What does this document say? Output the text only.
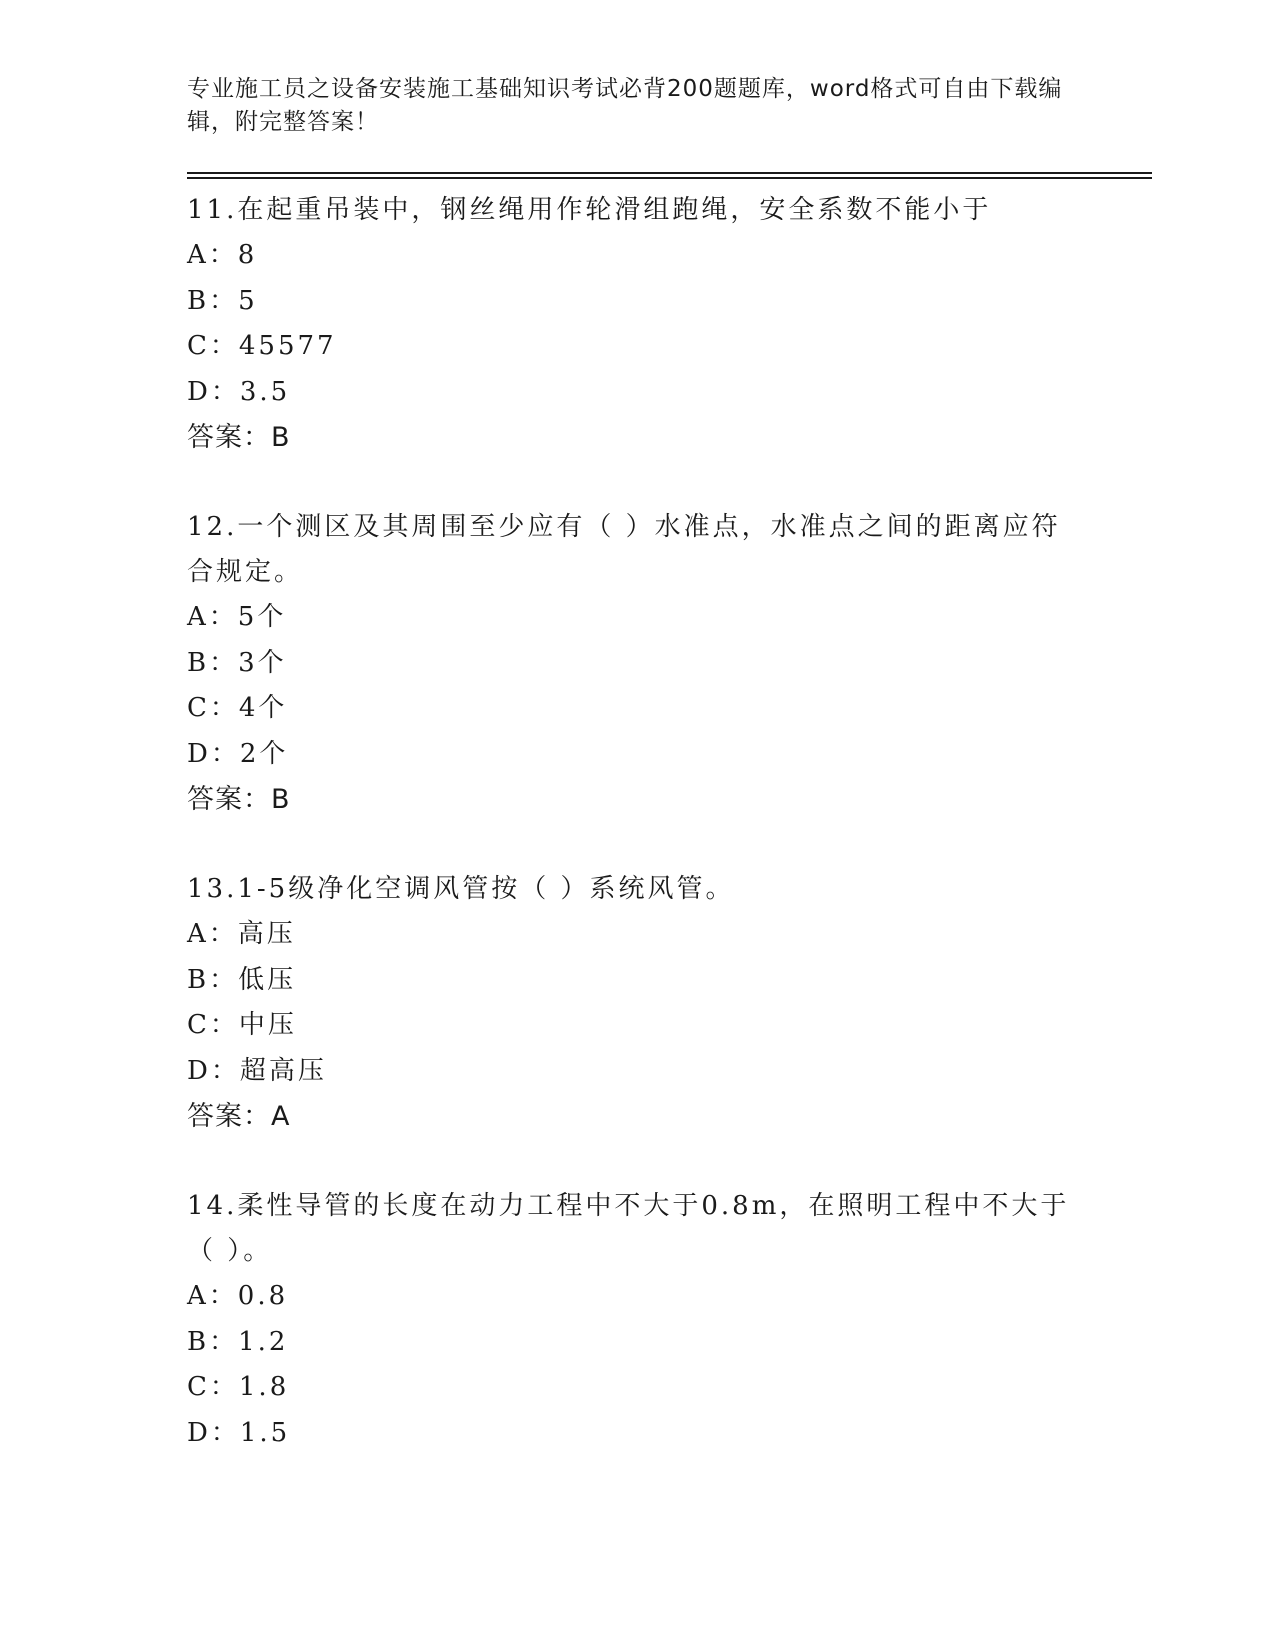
专业施工员之设备安装施工基础知识考试必背200题题库，word格式可自由下载编辑，附完整答案！
11.在起重吊装中，钢丝绳用作轮滑组跑绳，安全系数不能小于
A：8
B：5
C：45577
D：3.5
答案：B
12.一个测区及其周围至少应有（ ）水准点，水准点之间的距离应符合规定。
A：5个
B：3个
C：4个
D：2个
答案：B
13.1-5级净化空调风管按（ ）系统风管。
A：高压
B：低压
C：中压
D：超高压
答案：A
14.柔性导管的长度在动力工程中不大于0.8m，在照明工程中不大于（ ）。
A：0.8
B：1.2
C：1.8
D：1.5
